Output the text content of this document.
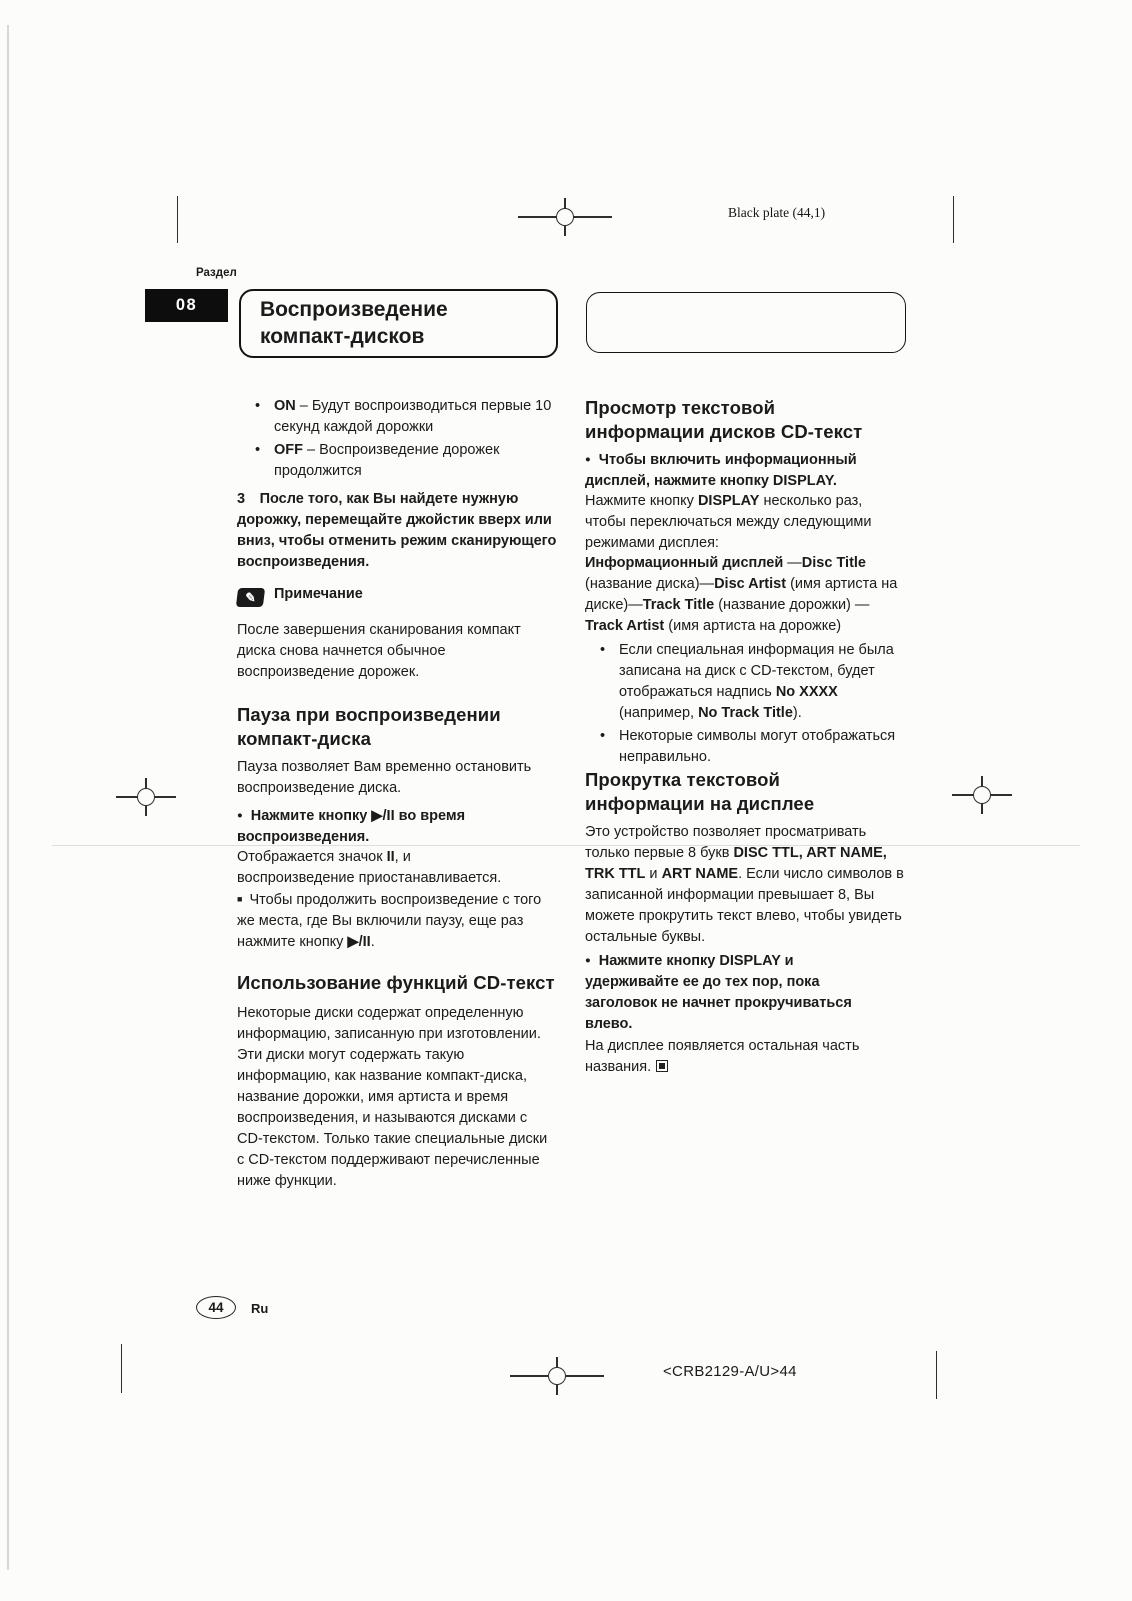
Black plate (44,1)
Раздел
08	Воспроизведение
компакт-дисков
• ON – Будут воспроизводиться первые 10 секунд каждой дорожки
• OFF – Воспроизведение дорожек продолжится

3  После того, как Вы найдете нужную дорожку, перемещайте джойстик вверх или вниз, чтобы отменить режим сканирующего воспроизведения.

✎ Примечание

После завершения сканирования компакт диска снова начнется обычное воспроизведение дорожек.

Пауза при воспроизведении компакт-диска

Пауза позволяет Вам временно остановить воспроизведение диска.

● Нажмите кнопку ▶/II во время воспроизведения.

Отображается значок II, и воспроизведение приостанавливается.

■ Чтобы продолжить воспроизведение с того же места, где Вы включили паузу, еще раз нажмите кнопку ▶/II.

Использование функций CD-текст

Некоторые диски содержат определенную информацию, записанную при изготовлении. Эти диски могут содержать такую информацию, как название компакт-диска, название дорожки, имя артиста и время воспроизведения, и называются дисками с CD-текстом. Только такие специальные диски с CD-текстом поддерживают перечисленные ниже функции.

Просмотр текстовой информации дисков CD-текст

● Чтобы включить информационный дисплей, нажмите кнопку DISPLAY.

Нажмите кнопку DISPLAY несколько раз, чтобы переключаться между следующими режимами дисплея:

Информационный дисплей —Disc Title (название диска)—Disc Artist (имя артиста на диске)—Track Title (название дорожки) —Track Artist (имя артиста на дорожке)

• Если специальная информация не была записана на диск с CD-текстом, будет отображаться надпись No XXXX (например, No Track Title).
• Некоторые символы могут отображаться неправильно.
Прокрутка текстовой информации на дисплее

Это устройство позволяет просматривать только первые 8 букв DISC TTL, ART NAME, TRK TTL и ART NAME. Если число символов в записанной информации превышает 8, Вы можете прокрутить текст влево, чтобы увидеть остальные буквы.

● Нажмите кнопку DISPLAY и удерживайте ее до тех пор, пока заголовок не начнет прокручиваться влево.

На дисплее появляется остальная часть названия.

44	Ru
<CRB2129-A/U>44
